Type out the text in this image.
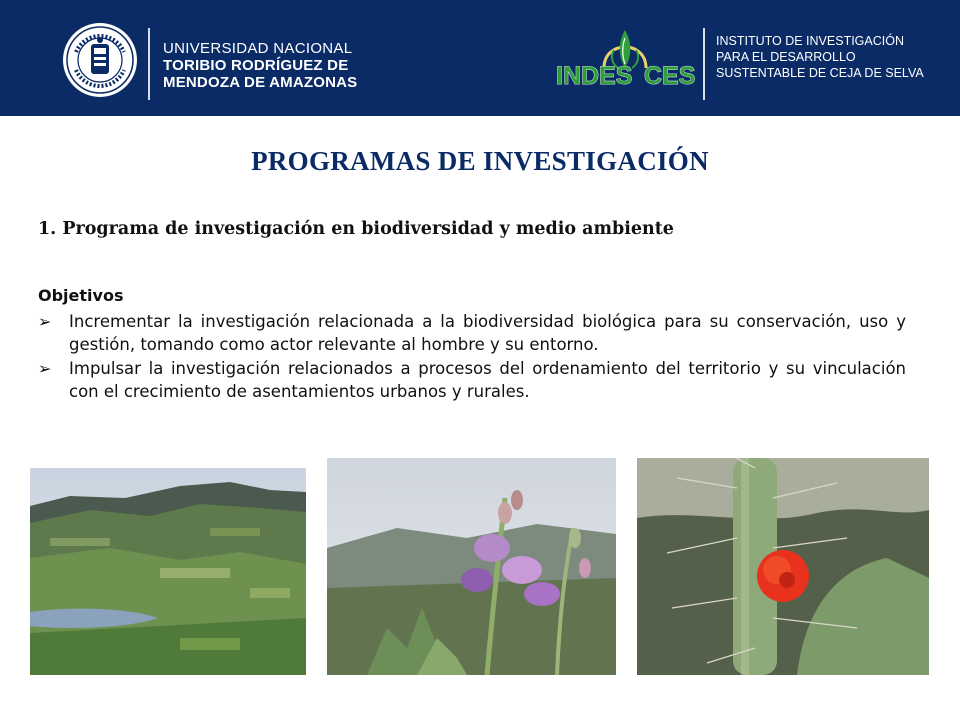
UNIVERSIDAD NACIONAL
TORIBIO RODRÍGUEZ DE
MENDOZA DE AMAZONAS	INDES CES
INSTITUTO DE INVESTIGACIÓN
PARA EL DESARROLLO
SUSTENTABLE DE CEJA DE SELVA
PROGRAMAS DE INVESTIGACIÓN
1. Programa de investigación en biodiversidad y medio ambiente
Objetivos

➢ Incrementar la investigación relacionada a la biodiversidad biológica para su conservación, uso y gestión, tomando como actor relevante al hombre y su entorno.

➢ Impulsar la investigación relacionados a procesos del ordenamiento del territorio y su vinculación con el crecimiento de asentamientos urbanos y rurales.
